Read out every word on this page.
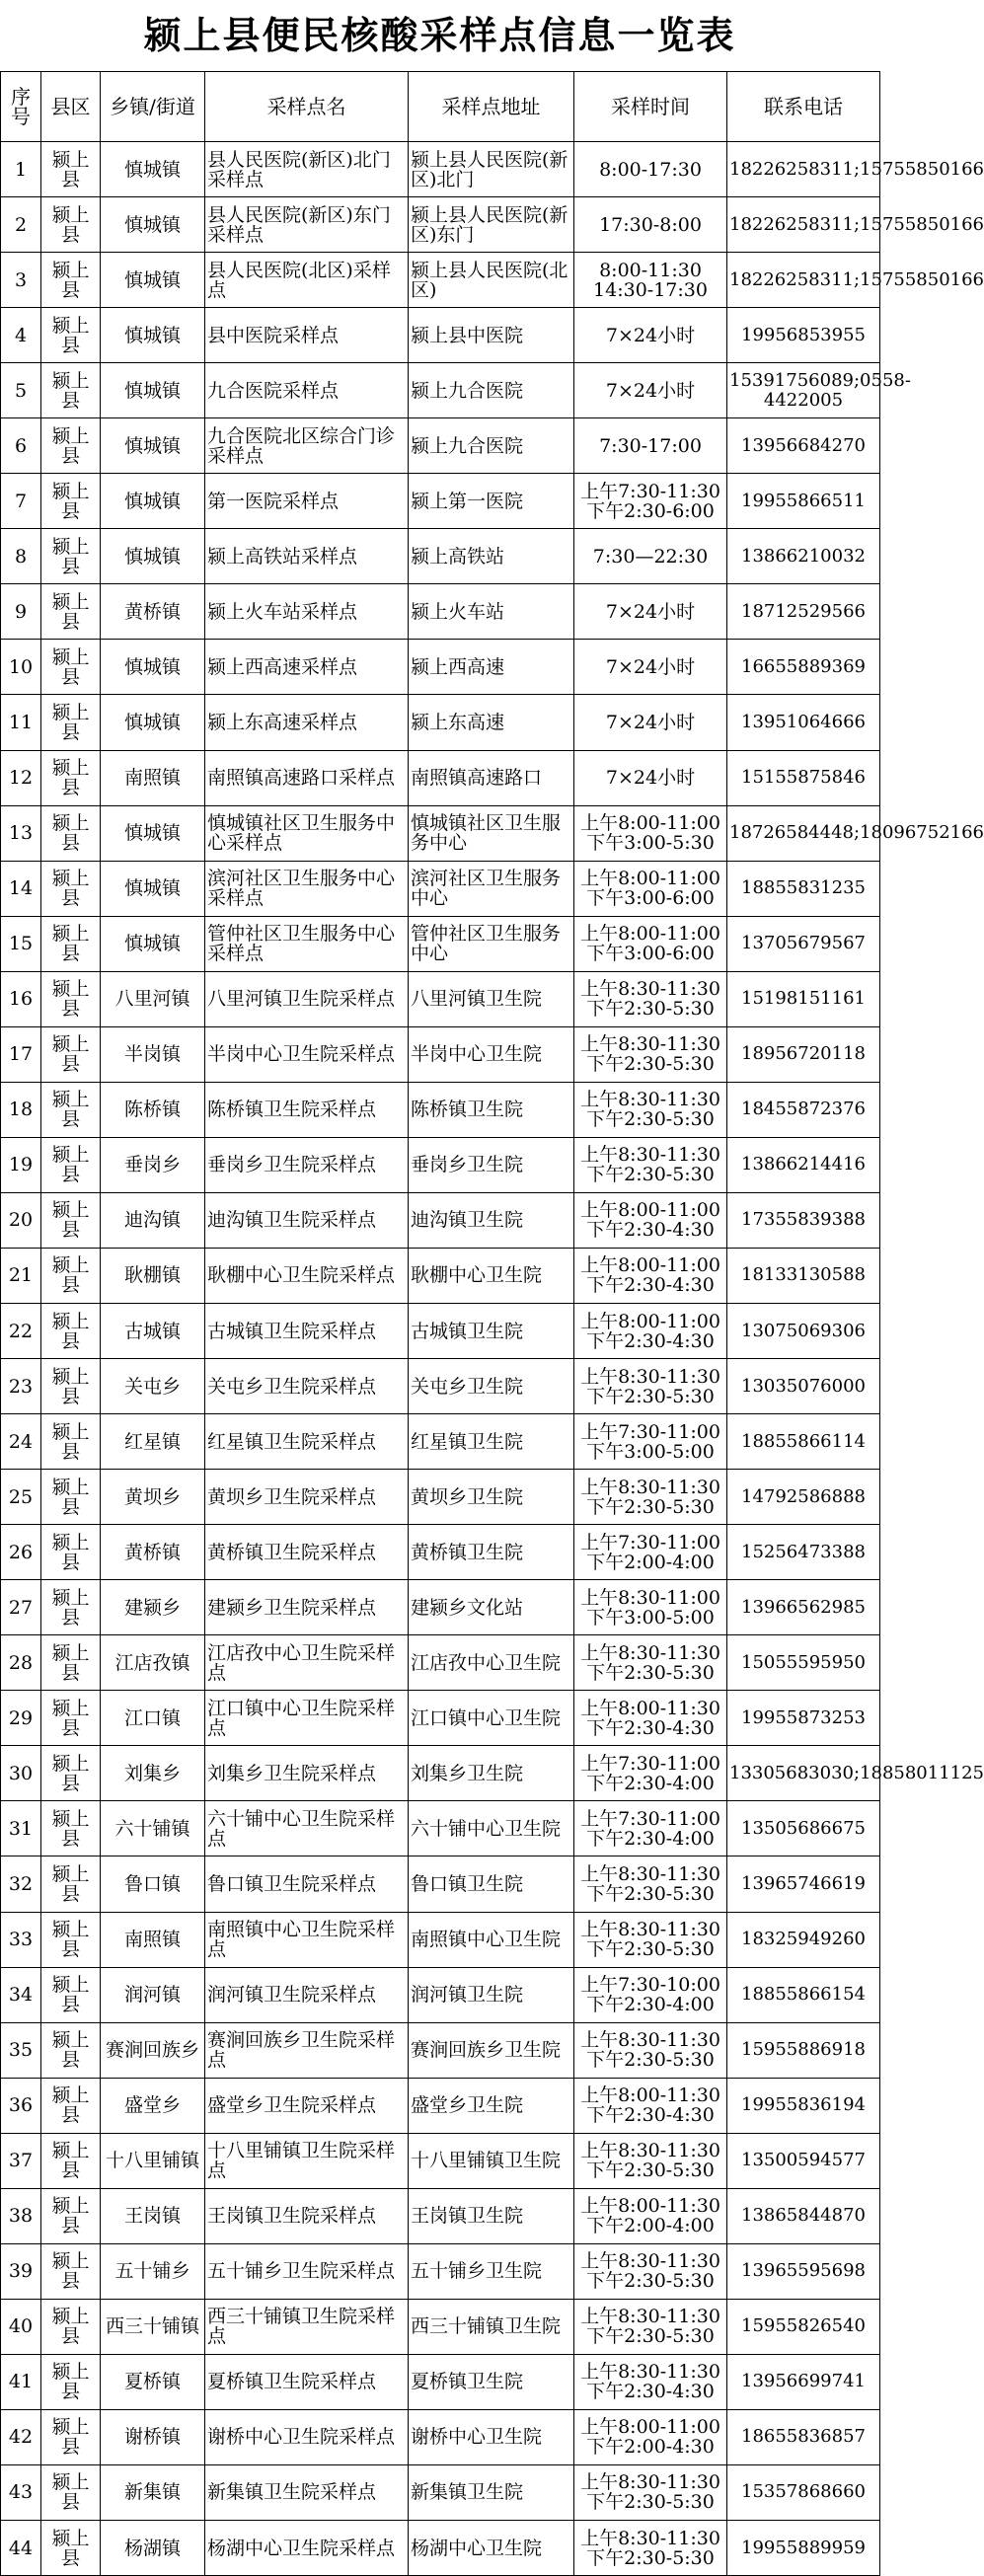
颍上县便民核酸采样点信息一览表
序号	县区	乡镇/街道	采样点名	采样点地址	采样时间	联系电话
1	颍上县	慎城镇	县人民医院(新区)北门采样点	颍上县人民医院(新区)北门	8:00-17:30	18226258311;15755850166
2	颍上县	慎城镇	县人民医院(新区)东门采样点	颍上县人民医院(新区)东门	17:30-8:00	18226258311;15755850166
3	颍上县	慎城镇	县人民医院(北区)采样点	颍上县人民医院(北区)	8:00-11:30 14:30-17:30	18226258311;15755850166
4	颍上县	慎城镇	县中医院采样点	颍上县中医院	7×24小时	19956853955
5	颍上县	慎城镇	九合医院采样点	颍上九合医院	7×24小时	15391756089;0558-4422005
6	颍上县	慎城镇	九合医院北区综合门诊采样点	颍上九合医院	7:30-17:00	13956684270
7	颍上县	慎城镇	第一医院采样点	颍上第一医院	上午7:30-11:30 下午2:30-6:00	19955866511
8	颍上县	慎城镇	颍上高铁站采样点	颍上高铁站	7:30—22:30	13866210032
9	颍上县	黄桥镇	颍上火车站采样点	颍上火车站	7×24小时	18712529566
10	颍上县	慎城镇	颍上西高速采样点	颍上西高速	7×24小时	16655889369
11	颍上县	慎城镇	颍上东高速采样点	颍上东高速	7×24小时	13951064666
12	颍上县	南照镇	南照镇高速路口采样点	南照镇高速路口	7×24小时	15155875846
13	颍上县	慎城镇	慎城镇社区卫生服务中心采样点	慎城镇社区卫生服务中心	上午8:00-11:00 下午3:00-5:30	18726584448;18096752166
14	颍上县	慎城镇	滨河社区卫生服务中心采样点	滨河社区卫生服务中心	上午8:00-11:00 下午3:00-6:00	18855831235
15	颍上县	慎城镇	管仲社区卫生服务中心采样点	管仲社区卫生服务中心	上午8:00-11:00 下午3:00-6:00	13705679567
16	颍上县	八里河镇	八里河镇卫生院采样点	八里河镇卫生院	上午8:30-11:30 下午2:30-5:30	15198151161
17	颍上县	半岗镇	半岗中心卫生院采样点	半岗中心卫生院	上午8:30-11:30 下午2:30-5:30	18956720118
18	颍上县	陈桥镇	陈桥镇卫生院采样点	陈桥镇卫生院	上午8:30-11:30 下午2:30-5:30	18455872376
19	颍上县	垂岗乡	垂岗乡卫生院采样点	垂岗乡卫生院	上午8:30-11:30 下午2:30-5:30	13866214416
20	颍上县	迪沟镇	迪沟镇卫生院采样点	迪沟镇卫生院	上午8:00-11:00 下午2:30-4:30	17355839388
21	颍上县	耿棚镇	耿棚中心卫生院采样点	耿棚中心卫生院	上午8:00-11:00 下午2:30-4:30	18133130588
22	颍上县	古城镇	古城镇卫生院采样点	古城镇卫生院	上午8:00-11:00 下午2:30-4:30	13075069306
23	颍上县	关屯乡	关屯乡卫生院采样点	关屯乡卫生院	上午8:30-11:30 下午2:30-5:30	13035076000
24	颍上县	红星镇	红星镇卫生院采样点	红星镇卫生院	上午7:30-11:00 下午3:00-5:00	18855866114
25	颍上县	黄坝乡	黄坝乡卫生院采样点	黄坝乡卫生院	上午8:30-11:30 下午2:30-5:30	14792586888
26	颍上县	黄桥镇	黄桥镇卫生院采样点	黄桥镇卫生院	上午7:30-11:00 下午2:00-4:00	15256473388
27	颍上县	建颍乡	建颍乡卫生院采样点	建颍乡文化站	上午8:30-11:00 下午3:00-5:00	13966562985
28	颍上县	江店孜镇	江店孜中心卫生院采样点	江店孜中心卫生院	上午8:30-11:30 下午2:30-5:30	15055595950
29	颍上县	江口镇	江口镇中心卫生院采样点	江口镇中心卫生院	上午8:00-11:30 下午2:30-4:30	19955873253
30	颍上县	刘集乡	刘集乡卫生院采样点	刘集乡卫生院	上午7:30-11:00 下午2:30-4:00	13305683030;18858011125
31	颍上县	六十铺镇	六十铺中心卫生院采样点	六十铺中心卫生院	上午7:30-11:00 下午2:30-4:00	13505686675
32	颍上县	鲁口镇	鲁口镇卫生院采样点	鲁口镇卫生院	上午8:30-11:30 下午2:30-5:30	13965746619
33	颍上县	南照镇	南照镇中心卫生院采样点	南照镇中心卫生院	上午8:30-11:30 下午2:30-5:30	18325949260
34	颍上县	润河镇	润河镇卫生院采样点	润河镇卫生院	上午7:30-10:00 下午2:30-4:00	18855866154
35	颍上县	赛涧回族乡	赛涧回族乡卫生院采样点	赛涧回族乡卫生院	上午8:30-11:30 下午2:30-5:30	15955886918
36	颍上县	盛堂乡	盛堂乡卫生院采样点	盛堂乡卫生院	上午8:00-11:30 下午2:30-4:30	19955836194
37	颍上县	十八里铺镇	十八里铺镇卫生院采样点	十八里铺镇卫生院	上午8:30-11:30 下午2:30-5:30	13500594577
38	颍上县	王岗镇	王岗镇卫生院采样点	王岗镇卫生院	上午8:00-11:30 下午2:00-4:00	13865844870
39	颍上县	五十铺乡	五十铺乡卫生院采样点	五十铺乡卫生院	上午8:30-11:30 下午2:30-5:30	13965595698
40	颍上县	西三十铺镇	西三十铺镇卫生院采样点	西三十铺镇卫生院	上午8:30-11:30 下午2:30-5:30	15955826540
41	颍上县	夏桥镇	夏桥镇卫生院采样点	夏桥镇卫生院	上午8:30-11:30 下午2:30-4:30	13956699741
42	颍上县	谢桥镇	谢桥中心卫生院采样点	谢桥中心卫生院	上午8:00-11:00 下午2:00-4:30	18655836857
43	颍上县	新集镇	新集镇卫生院采样点	新集镇卫生院	上午8:30-11:30 下午2:30-5:30	15357868660
44	颍上县	杨湖镇	杨湖中心卫生院采样点	杨湖中心卫生院	上午8:30-11:30 下午2:30-5:30	19955889959
